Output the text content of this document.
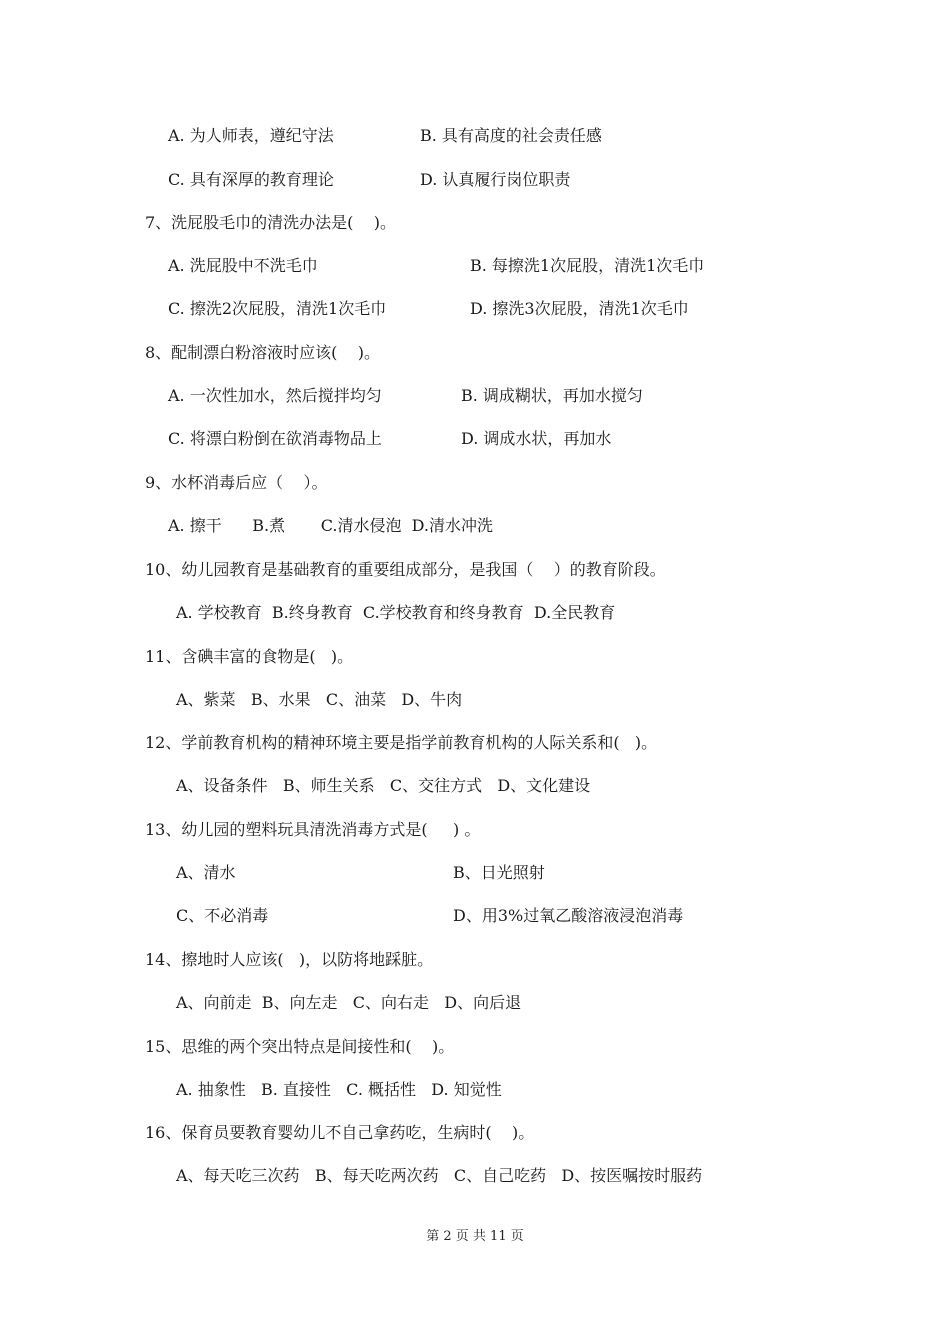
A. 为人师表，遵纪守法	B. 具有高度的社会责任感
C. 具有深厚的教育理论	D. 认真履行岗位职责
7、洗屁股毛巾的清洗办法是(    )。
A. 洗屁股中不洗毛巾	B. 每擦洗1次屁股，清洗1次毛巾
C. 擦洗2次屁股，清洗1次毛巾	D. 擦洗3次屁股，清洗1次毛巾
8、配制漂白粉溶液时应该(    )。
A. 一次性加水，然后搅拌均匀	B. 调成糊状，再加水搅匀
C. 将漂白粉倒在欲消毒物品上	D. 调成水状，再加水
9、水杯消毒后应（    ）。
A. 擦干      B.煮       C.清水侵泡  D.清水冲洗
10、幼儿园教育是基础教育的重要组成部分，是我国（    ）的教育阶段。
A. 学校教育  B.终身教育  C.学校教育和终身教育  D.全民教育
11、含碘丰富的食物是(   )。
A、紫菜   B、水果   C、油菜   D、牛肉
12、学前教育机构的精神环境主要是指学前教育机构的人际关系和(   )。
A、设备条件   B、师生关系   C、交往方式   D、文化建设
13、幼儿园的塑料玩具清洗消毒方式是(     ) 。
A、清水	B、日光照射
C、不必消毒	D、用3%过氧乙酸溶液浸泡消毒
14、擦地时人应该(   )，以防将地踩脏。
A、向前走  B、向左走   C、向右走   D、向后退
15、思维的两个突出特点是间接性和(    )。
A. 抽象性   B. 直接性   C. 概括性   D. 知觉性
16、保育员要教育婴幼儿不自己拿药吃，生病时(    )。
A、每天吃三次药   B、每天吃两次药   C、自己吃药   D、按医嘱按时服药
第 2 页 共 11 页
